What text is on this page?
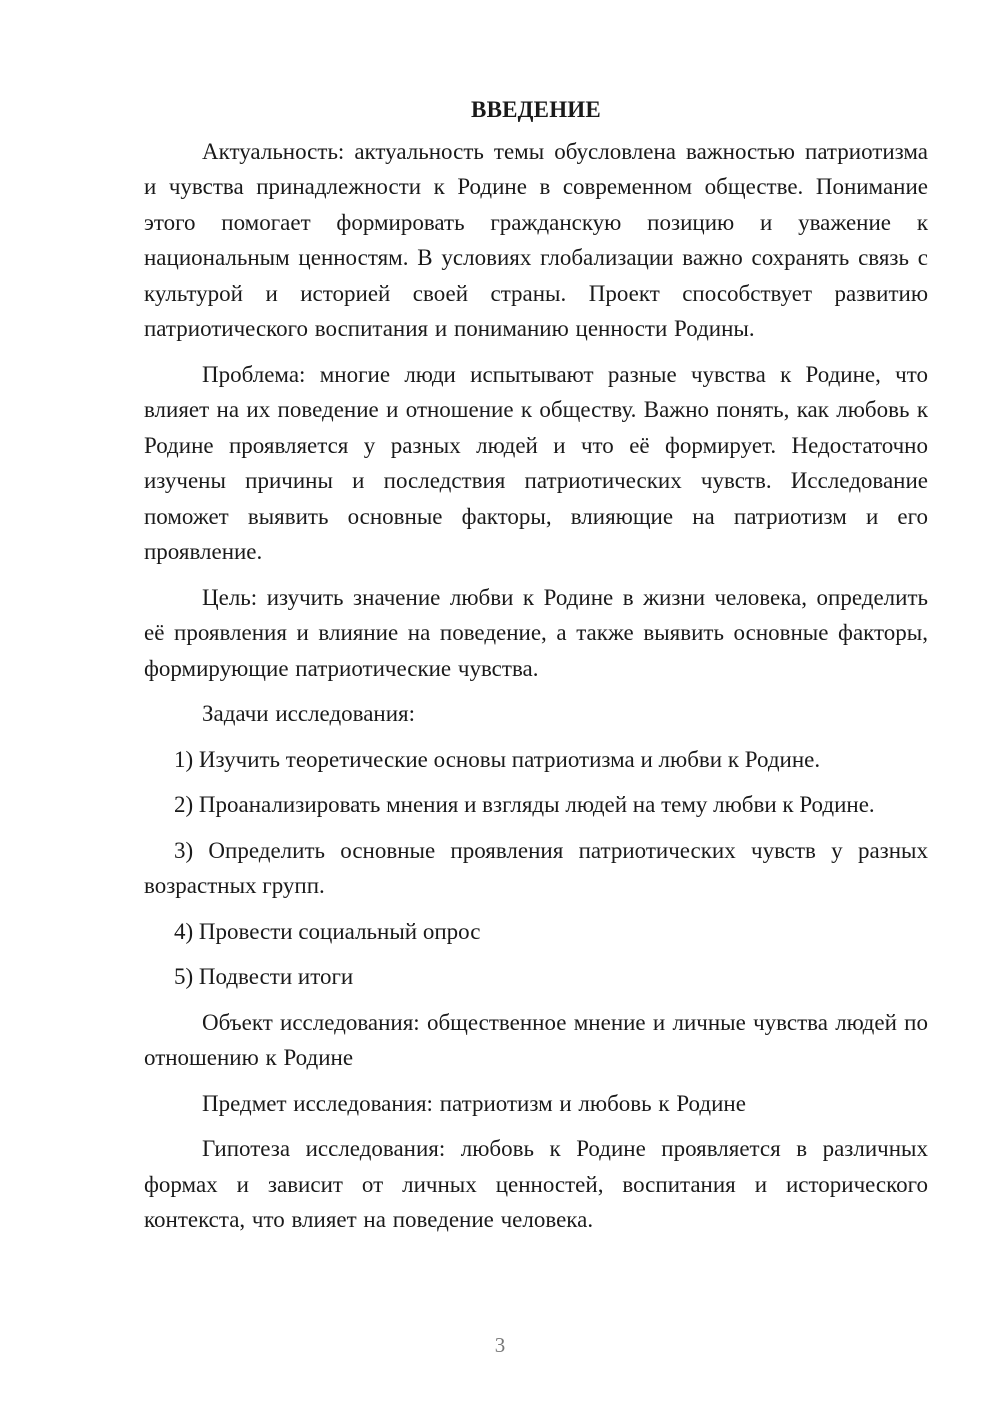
ВВЕДЕНИЕ

Актуальность: актуальность темы обусловлена важностью патриотизма и чувства принадлежности к Родине в современном обществе. Понимание этого помогает формировать гражданскую позицию и уважение к национальным ценностям. В условиях глобализации важно сохранять связь с культурой и историей своей страны. Проект способствует развитию патриотического воспитания и пониманию ценности Родины.

Проблема: многие люди испытывают разные чувства к Родине, что влияет на их поведение и отношение к обществу. Важно понять, как любовь к Родине проявляется у разных людей и что её формирует. Недостаточно изучены причины и последствия патриотических чувств. Исследование поможет выявить основные факторы, влияющие на патриотизм и его проявление.

Цель: изучить значение любви к Родине в жизни человека, определить её проявления и влияние на поведение, а также выявить основные факторы, формирующие патриотические чувства.

Задачи исследования:

1) Изучить теоретические основы патриотизма и любви к Родине.

2) Проанализировать мнения и взгляды людей на тему любви к Родине.

3) Определить основные проявления патриотических чувств у разных возрастных групп.

4) Провести социальный опрос

5) Подвести итоги

Объект исследования: общественное мнение и личные чувства людей по отношению к Родине

Предмет исследования: патриотизм и любовь к Родине

Гипотеза исследования: любовь к Родине проявляется в различных формах и зависит от личных ценностей, воспитания и исторического контекста, что влияет на поведение человека.

3
